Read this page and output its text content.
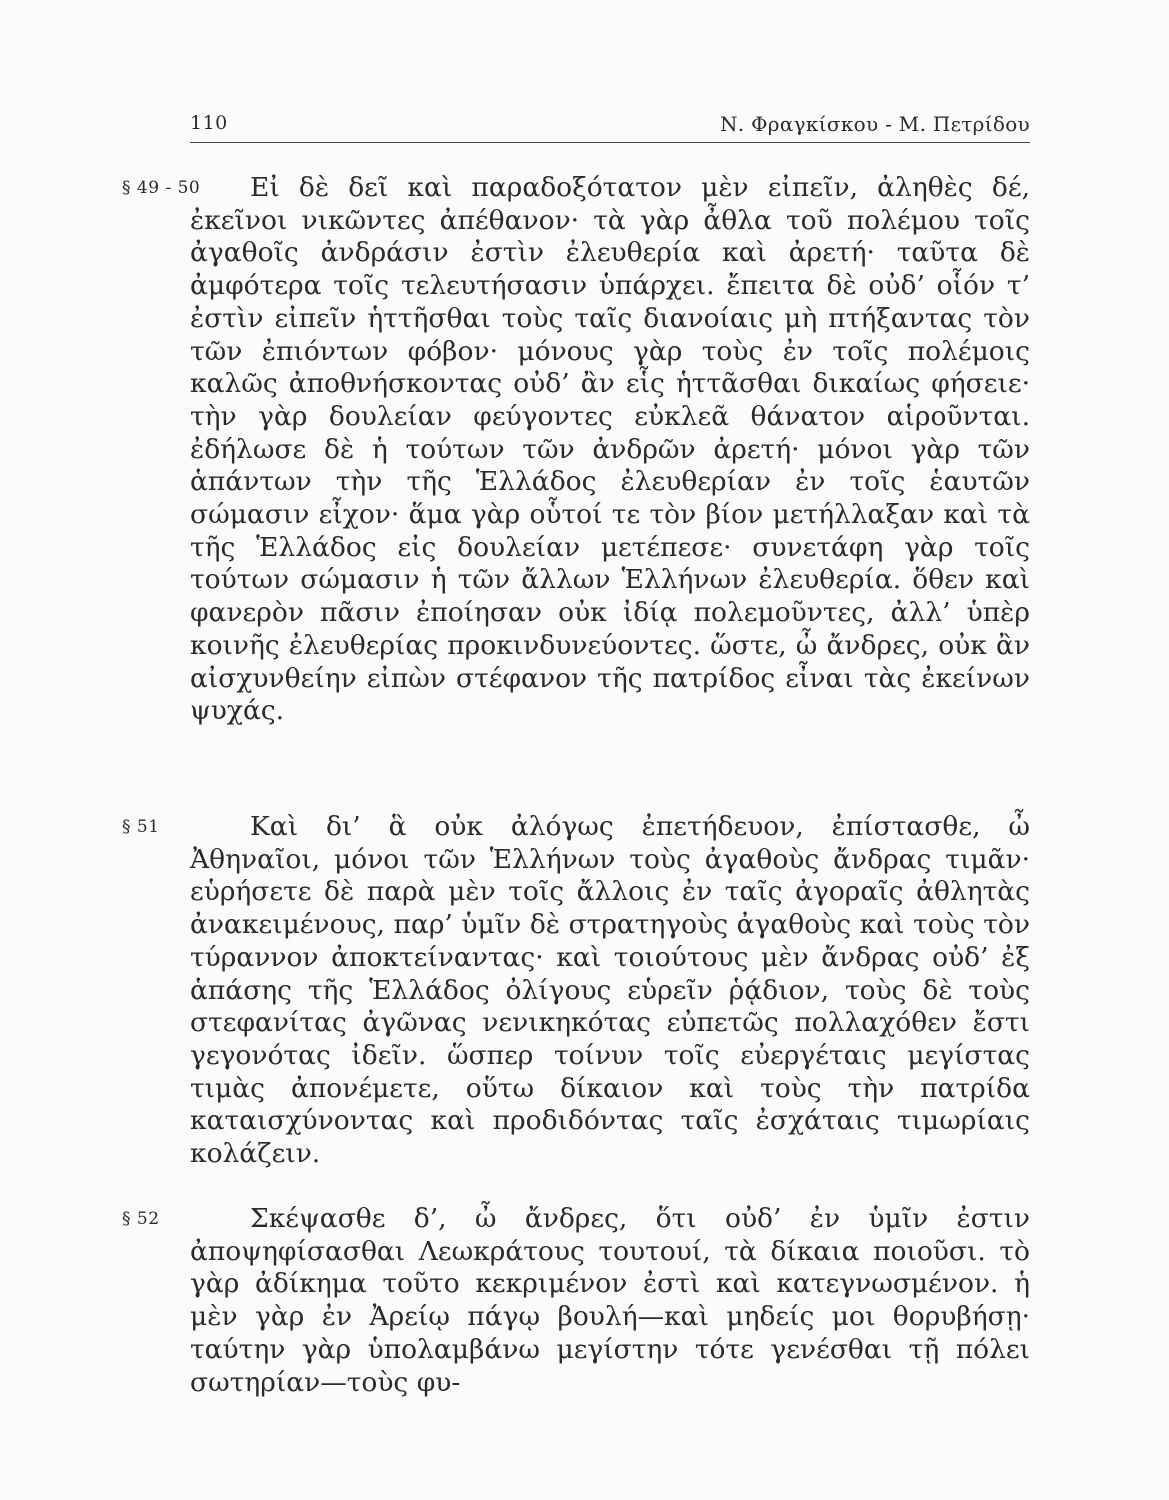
110	Ν. Φραγκίσκου - Μ. Πετρίδου
§ 49 - 50	Εἰ δὲ δεῖ καὶ παραδοξότατον μὲν εἰπεῖν, ἀληθὲς δέ, ἐκεῖνοι νικῶντες ἀπέθανον· τὰ γὰρ ἆθλα τοῦ πολέμου τοῖς ἀγαθοῖς ἀνδράσιν ἐστὶν ἐλευθερία καὶ ἀρετή· ταῦτα δὲ ἀμφότερα τοῖς τελευτήσασιν ὑπάρχει. ἔπειτα δὲ οὐδ’ οἷόν τ’ ἐστὶν εἰπεῖν ἡττῆσθαι τοὺς ταῖς διανοίαις μὴ πτήξαντας τὸν τῶν ἐπιόντων φόβον· μόνους γὰρ τοὺς ἐν τοῖς πολέμοις καλῶς ἀποθνήσκοντας οὐδ’ ἂν εἷς ἡττᾶσθαι δικαίως φήσειε· τὴν γὰρ δουλείαν φεύγοντες εὐκλεᾶ θάνατον αἱροῦνται. ἐδήλωσε δὲ ἡ τούτων τῶν ἀνδρῶν ἀρετή· μόνοι γὰρ τῶν ἁπάντων τὴν τῆς Ἑλλάδος ἐλευθερίαν ἐν τοῖς ἑαυτῶν σώμασιν εἶχον· ἅμα γὰρ οὗτοί τε τὸν βίον μετήλλαξαν καὶ τὰ τῆς Ἑλλάδος εἰς δουλείαν μετέπεσε· συνετάφη γὰρ τοῖς τούτων σώμασιν ἡ τῶν ἄλλων Ἑλλήνων ἐλευθερία. ὅθεν καὶ φανερὸν πᾶσιν ἐποίησαν οὐκ ἰδίᾳ πολεμοῦντες, ἀλλ’ ὑπὲρ κοινῆς ἐλευθερίας προκινδυνεύοντες. ὥστε, ὦ ἄνδρες, οὐκ ἂν αἰσχυνθείην εἰπὼν στέφανον τῆς πατρίδος εἶναι τὰς ἐκείνων ψυχάς.

§ 51	Καὶ δι’ ἃ οὐκ ἀλόγως ἐπετήδευον, ἐπίστασθε, ὦ Ἀθηναῖοι, μόνοι τῶν Ἑλλήνων τοὺς ἀγαθοὺς ἄνδρας τιμᾶν· εὑρήσετε δὲ παρὰ μὲν τοῖς ἄλλοις ἐν ταῖς ἀγοραῖς ἀθλητὰς ἀνακειμένους, παρ’ ὑμῖν δὲ στρατηγοὺς ἀγαθοὺς καὶ τοὺς τὸν τύραννον ἀποκτείναντας· καὶ τοιούτους μὲν ἄνδρας οὐδ’ ἐξ ἁπάσης τῆς Ἑλλάδος ὀλίγους εὑρεῖν ῥᾴδιον, τοὺς δὲ τοὺς στεφανίτας ἀγῶνας νενικηκότας εὐπετῶς πολλαχόθεν ἔστι γεγονότας ἰδεῖν. ὥσπερ τοίνυν τοῖς εὐεργέταις μεγίστας τιμὰς ἀπονέμετε, οὕτω δίκαιον καὶ τοὺς τὴν πατρίδα καταισχύνοντας καὶ προδιδόντας ταῖς ἐσχάταις τιμωρίαις κολάζειν.

§ 52	Σκέψασθε δ’, ὦ ἄνδρες, ὅτι οὐδ’ ἐν ὑμῖν ἐστιν ἀποψηφίσασθαι Λεωκράτους τουτουί, τὰ δίκαια ποιοῦσι. τὸ γὰρ ἀδίκημα τοῦτο κεκριμένον ἐστὶ καὶ κατεγνωσμένον. ἡ μὲν γὰρ ἐν Ἀρείῳ πάγῳ βουλή—καὶ μηδείς μοι θορυβήσῃ· ταύτην γὰρ ὑπολαμβάνω μεγίστην τότε γενέσθαι τῇ πόλει σωτηρίαν—τοὺς φυ-
